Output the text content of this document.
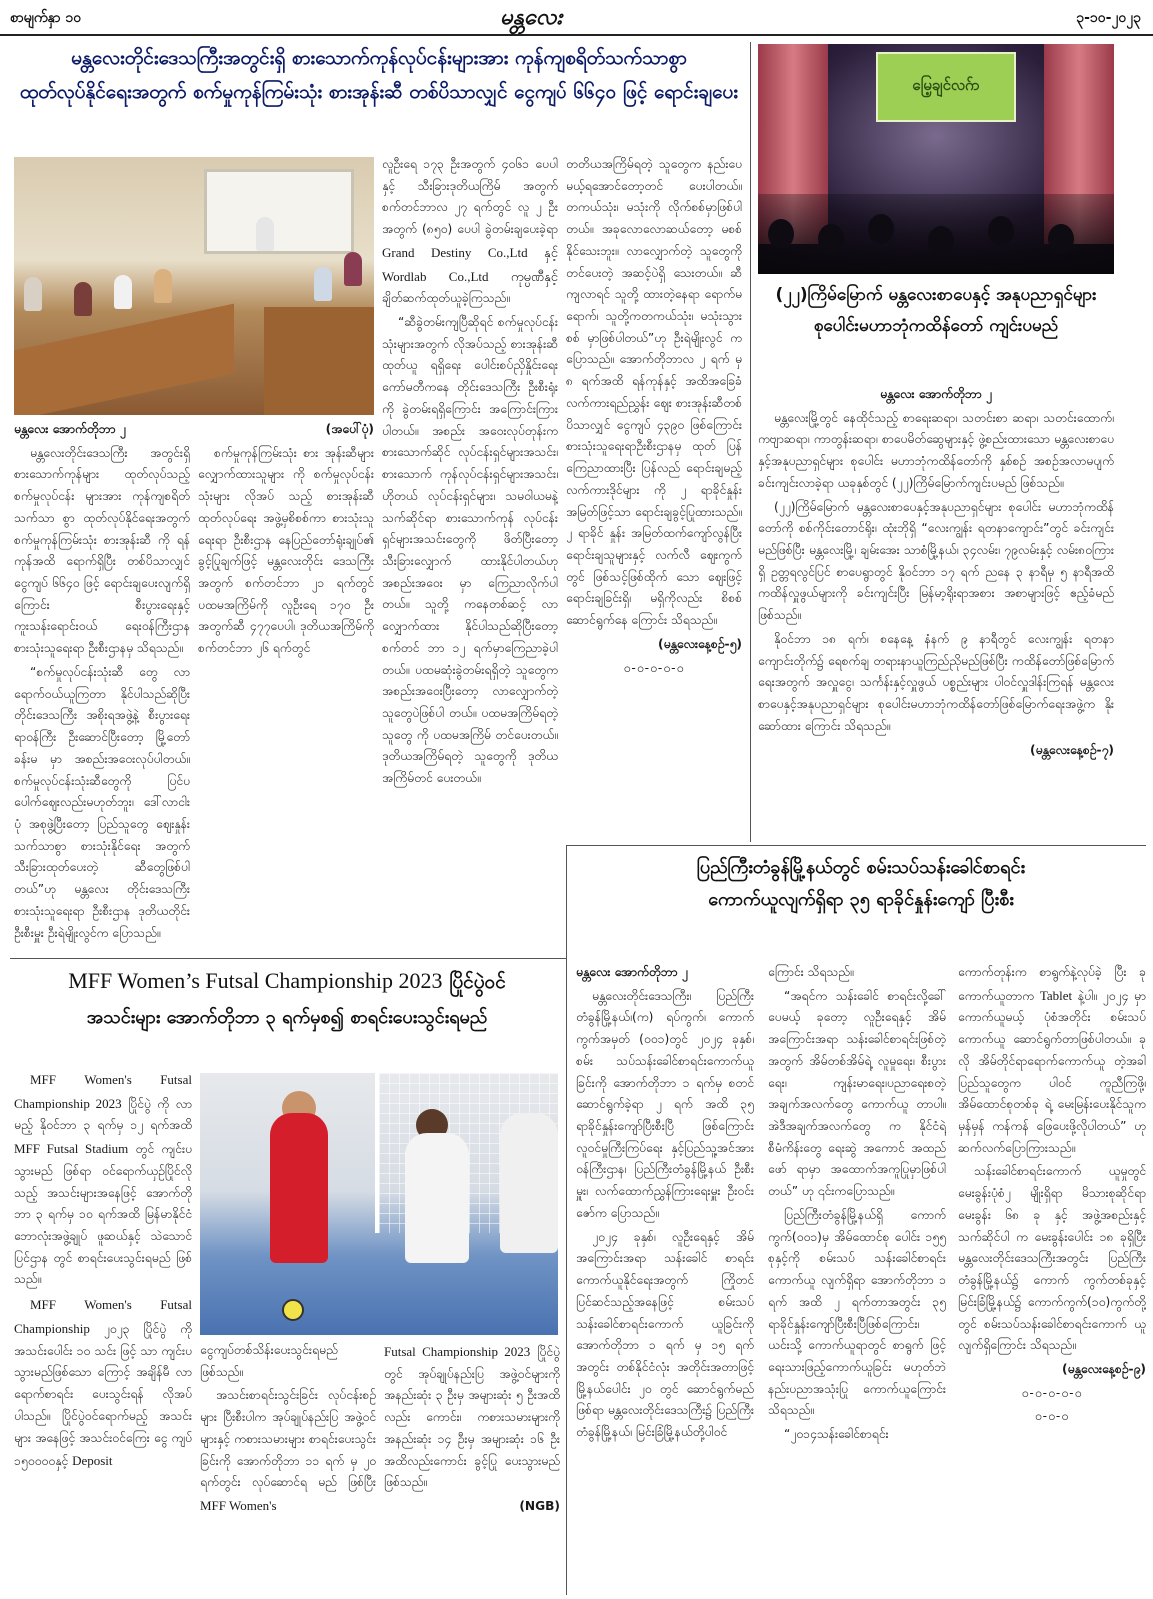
စာမျက်နှာ ၁၀	မန္တလေး	၃-၁၀-၂၀၂၃
မန္တလေးတိုင်းဒေသကြီးအတွင်းရှိ စားသောက်ကုန်လုပ်ငန်းများအား ကုန်ကျစရိတ်သက်သာစွာ
ထုတ်လုပ်နိုင်ရေးအတွက် စက်မှုကုန်ကြမ်းသုံး စားအုန်းဆီ တစ်ပိသာလျှင် ငွေကျပ် ၆၆၄၀ ဖြင့် ရောင်းချပေး

မန္တလေး အောက်တိုဘာ ၂

မန္တလေးတိုင်းဒေသကြီး အတွင်းရှိ စားသောက်ကုန်များ ထုတ်လုပ်သည့် စက်မှုလုပ်ငန်း များအား ကုန်ကျစရိတ် သက်သာ စွာ ထုတ်လုပ်နိုင်ရေးအတွက် စက်မှုကုန်ကြမ်းသုံး စားအုန်းဆီ ကို ရန်ကုန်အထိ ရောက်ရှိပြီး တစ်ပိသာလျှင် ငွေကျပ် ၆၆၄၀ ဖြင့် ရောင်းချပေးလျက်ရှိကြောင်း စီးပွားရေးနှင့် ကူးသန်းရောင်းဝယ် ရေးဝန်ကြီးဌာန စားသုံးသူရေးရာ ဦးစီးဌာနမှ သိရသည်။

“စက်မှုလုပ်ငန်းသုံးဆီ တွေ လာရောက်ဝယ်ယူကြတာ နိုင်ပါသည်ဆိုပြီး တိုင်းဒေသကြီး အစိုးရအဖွဲ့နဲ့ စီးပွားရေးရာဝန်ကြီး ဦးဆောင်ပြီးတော့ မြို့တော်ခန်းမ မှာ အစည်းအဝေးလုပ်ပါတယ်။ စက်မှုလုပ်ငန်းသုံးဆီတွေကို ပြင်ပ ပေါက်ဈေးလည်းမဟုတ်ဘူး၊ ဒေါ်လာငါးပုံ အစုဖွဲ့ပြီးတော့ ပြည်သူတွေ ဈေးနှုန်း သက်သာစွာ စားသုံးနိုင်ရေး အတွက် သီးခြားထုတ်ပေးတဲ့ ဆီတွေဖြစ်ပါတယ်”ဟု မန္တလေး တိုင်းဒေသကြီးစားသုံးသူရေးရာ ဦးစီးဌာန ဒုတိယတိုင်းဦးစီးမှူး ဦးရဲမျိုးလွင်က ပြောသည်။

(အပေါ်ပုံ)

စက်မှုကုန်ကြမ်းသုံး စား အုန်းဆီများ လျှောက်ထားသူများ ကို စက်မှုလုပ်ငန်းသုံးများ လိုအပ် သည့် စားအုန်းဆီထုတ်လုပ်ရေး အဖွဲ့မှစိစစ်ကာ စားသုံးသူရေးရာ ဦးစီးဌာန နေပြည်တော်ရုံးချုပ်၏ ခွင့်ပြုချက်ဖြင့် မန္တလေးတိုင်း ဒေသကြီးအတွက် စက်တင်ဘာ ၂၁ ရက်တွင် ပထမအကြိမ်ကို လူဦးရေ ၁၇၀ ဦးအတွက်ဆီ ၄၇၇ပေပါ၊ ဒုတိယအကြိမ်ကို စက်တင်ဘာ ၂၆ ရက်တွင်

လူဦးရေ ၁၇၃ ဦးအတွက် ၄၀၆၁ ပေပါနှင့် သီးခြားဒုတိယကြိမ် အတွက် စက်တင်ဘာလ ၂၇ ရက်တွင် လူ ၂ ဦးအတွက် (၈၅၀) ပေပါ ခွဲတမ်းချပေးခဲ့ရာ Grand Destiny Co.,Ltd နှင့် Wordlab Co.,Ltd ကုမ္ပဏီနှင့် ချိတ်ဆက်ထုတ်ယူခဲ့ကြသည်။

“ဆီခွဲတမ်းကျပြီဆိုရင် စက်မှုလုပ်ငန်းသုံးများအတွက် လိုအပ်သည့် စားအုန်းဆီထုတ်ယူ ရရှိရေး ပေါင်းစပ်ညှိနှိုင်းရေး ကော်မတီကနေ တိုင်းဒေသကြီး ဦးစီးရုံးကို ခွဲတမ်းရရှိကြောင်း အကြောင်းကြားပါတယ်။ အစည်း အဝေးလုပ်တုန်းက စားသောက်ဆိုင် လုပ်ငန်းရှင်များအသင်း၊ စားသောက် ကုန်လုပ်ငန်းရှင်များအသင်း၊ ဟိုတယ် လုပ်ငန်းရှင်များ၊ သမဝါယမနဲ့ သက်ဆိုင်ရာ စားသောက်ကုန် လုပ်ငန်းရှင်များအသင်းတွေကို ဖိတ်ပြီးတော့ သီးခြားလျှောက် ထားနိုင်ပါတယ်ဟု အစည်းအဝေး မှာ ကြေညာလိုက်ပါတယ်။ သူတို့ ကနေတစ်ဆင့် လာလျှောက်ထား နိုင်ပါသည်ဆိုပြီးတော့ စက်တင် ဘာ ၁၂ ရက်မှာကြေညာခဲ့ပါ တယ်။ ပထမဆုံးခွဲတမ်းရရှိတဲ့ သူတွေက အစည်းအဝေးပြီးတော့ လာလျှောက်တဲ့ သူတွေပဲဖြစ်ပါ တယ်။ ပထမအကြိမ်ရတဲ့သူတွေ ကို ပထမအကြိမ် တင်ပေးတယ်။ ဒုတိယအကြိမ်ရတဲ့ သူတွေကို ဒုတိယအကြိမ်တင် ပေးတယ်။

တတိယအကြိမ်ရတဲ့ သူတွေက နည်းပေမယ့်ရအောင်တော့တင် ပေးပါတယ်။ တကယ်သုံး၊ မသုံးကို လိုက်စစ်မှာဖြစ်ပါတယ်။ အခုလောလောဆယ်တော့ မစစ် နိုင်သေးဘူး။ လာလျှောက်တဲ့ သူတွေကို တင်ပေးတဲ့ အဆင့်ပဲရှိ သေးတယ်။ ဆီကျလာရင် သူတို့ ထားတဲ့နေရာ ရောက်မရောက်၊ သူတို့ကတကယ်သုံး၊ မသုံးသွားစစ် မှာဖြစ်ပါတယ်”ဟု ဦးရဲမျိုးလွင် ကပြောသည်။ အောက်တိုဘာလ ၂ ရက် မှ ၈ ရက်အထိ ရန်ကုန်နှင့် အထိအခြေခံလက်ကားရည်ညွှန်း ဈေး စားအုန်းဆီတစ်ပိသာလျှင် ငွေကျပ် ၄၃၉၀ ဖြစ်ကြောင်း စားသုံးသူရေးရာဦးစီးဌာနမှ ထုတ် ပြန်ကြေညာထားပြီး ပြန်လည် ရောင်းချမည့် လက်ကားဒိုင်များ ကို ၂ ရာခိုင်နှုန်းအမြတ်ဖြင့်သာ ရောင်းချခွင့်ပြုထားသည်။ ၂ ရာခိုင် နှုန်း အမြတ်ထက်ကျော်လွန်ပြီး ရောင်းချသူများနှင့် လက်လီ ဈေးကွက်တွင် ဖြစ်သင့်ဖြစ်ထိုက် သော ဈေးဖြင့် ရောင်းချခြင်းရှိ၊ မရှိကိုလည်း စိစစ်ဆောင်ရွက်နေ ကြောင်း သိရသည်။

(မန္တလေးနေ့စဉ်-၅)

၀-၀-၀-၀-၀

မြေ့ချင်လဂ်ာ
(၂၂)ကြိမ်မြောက် မန္တလေးစာပေနှင့် အနုပညာရှင်များ
စုပေါင်းမဟာဘုံကထိန်တော် ကျင်းပမည်

မန္တလေး အောက်တိုဘာ ၂

မန္တလေးမြို့တွင် နေထိုင်သည့် စာရေးဆရာ၊ သတင်းစာ ဆရာ၊ သတင်းထောက်၊ ကဗျာဆရာ၊ ကာတွန်းဆရာ၊ စာပေမိတ်ဆွေများနှင့် ဖွဲ့စည်းထားသော မန္တလေးစာပေနှင့်အနုပညာရှင်များ စုပေါင်း မဟာဘုံကထိန်တော်ကို နှစ်စဉ် အစဉ်အလာမပျက် ခင်းကျင်းလာခဲ့ရာ ယခုနှစ်တွင် (၂၂)ကြိမ်မြောက်ကျင်းပမည် ဖြစ်သည်။

(၂၂)ကြိမ်မြောက် မန္တလေးစာပေနှင့်အနုပညာရှင်များ စုပေါင်း မဟာဘုံကထိန်တော်ကို စစ်ကိုင်းတောင်ရိုး၊ ထုံးဘိုရှိ “လေးကျွန်း ရတနာကျောင်း”တွင် ခင်းကျင်းမည်ဖြစ်ပြီး မန္တလေးမြို့၊ ချမ်းအေး သာစံမြို့နယ်၊ ၃၄လမ်း၊ ၇၉လမ်းနှင့် လမ်း၈၀ကြားရှိ ဥတ္တရလွင်ပြင် စာပေရွာတွင် နိုဝင်ဘာ ၁၇ ရက် ညနေ ၃ နာရီမှ ၅ နာရီအထိ ကထိန်လှူဖွယ်များကို ခင်းကျင်းပြီး မြန်မာ့ရိုးရာအစား အစာများဖြင့် ဧည့်ခံမည်ဖြစ်သည်။

နိုဝင်ဘာ ၁၈ ရက်၊ စနေနေ့ နံနက် ၉ နာရီတွင် လေးကျွန်း ရတနာကျောင်းတိုက်၌ ရေစက်ချ တရားနာယူကြည်ညိုမည်ဖြစ်ပြီး ကထိန်တော်ဖြစ်မြောက်ရေးအတွက် အလှူငွေ၊ သင်္ကန်းနှင့်လှူဖွယ် ပစ္စည်းများ ပါဝင်လှူဒါန်းကြရန် မန္တလေးစာပေနှင့်အနုပညာရှင်များ စုပေါင်းမဟာဘုံကထိန်တော်ဖြစ်မြောက်ရေးအဖွဲ့က နိုးဆော်ထား ကြောင်း သိရသည်။

(မန္တလေးနေ့စဉ်-၇)

ပြည်ကြီးတံခွန်မြို့နယ်တွင် စမ်းသပ်သန်းခေါင်စာရင်း
ကောက်ယူလျက်ရှိရာ ၃၅ ရာခိုင်နှုန်းကျော် ပြီးစီး

မန္တလေး အောက်တိုဘာ ၂

မန္တလေးတိုင်းဒေသကြီး၊ ပြည်ကြီးတံခွန်မြို့နယ်၊(က) ရပ်ကွက်၊ ကောက်ကွက်အမှတ် (၀၀၁)တွင် ၂၀၂၄ ခုနှစ်၊ စမ်း သပ်သန်းခေါင်စာရင်းကောက်ယူ ခြင်းကို အောက်တိုဘာ ၁ ရက်မှ စတင်ဆောင်ရွက်ခဲ့ရာ ၂ ရက် အထိ ၃၅ ရာခိုင်နှုန်းကျော်ပြီးစီးပြီ ဖြစ်ကြောင်း လူဝင်မှုကြီးကြပ်ရေး နှင့်ပြည်သူ့အင်အားဝန်ကြီးဌာန၊ ပြည်ကြီးတံခွန်မြို့နယ် ဦးစီးမှူး၊ လက်ထောက်ညွှန်ကြားရေးမှူး ဦးဝင်းဇော်က ပြောသည်။

၂၀၂၄ ခုနှစ်၊ လူဦးရေနှင့် အိမ်အကြောင်းအရာ သန်းခေါင် စာရင်း ကောက်ယူနိုင်ရေးအတွက် ကြိုတင်ပြင်ဆင်သည့်အနေဖြင့် စမ်းသပ်သန်းခေါင်စာရင်းကောက် ယူခြင်းကို အောက်တိုဘာ ၁ ရက် မှ ၁၅ ရက်အတွင်း တစ်နိုင်ငံလုံး အတိုင်းအတာဖြင့် မြို့နယ်ပေါင်း ၂၀ တွင် ဆောင်ရွက်မည်ဖြစ်ရာ မန္တလေးတိုင်းဒေသကြီး၌ ပြည်ကြီး တံခွန်မြို့နယ်၊ မြင်းခြံမြို့နယ်တို့ပါဝင်

ကြောင်း သိရသည်။

“အရင်က သန်းခေါင် စာရင်းလို့ခေါ်ပေမယ့် ခုတော့ လူဦးရေနှင့် အိမ်အကြောင်းအရာ သန်းခေါင်စာရင်းဖြစ်တဲ့အတွက် အိမ်တစ်အိမ်ရဲ့ လူမှုရေး၊ စီးပွား ရေး၊ ကျန်းမာရေး၊ပညာရေးစတဲ့ အချက်အလက်တွေ ကောက်ယူ တာပါ။ အဲဒီအချက်အလက်တွေ က နိုင်ငံရဲ့စီမံကိန်းတွေ ရေးဆွဲ အကောင် အထည် ဖော် ရာမှာ အထောက်အကူပြုမှာဖြစ်ပါတယ်” ဟု ၎င်းကပြောသည်။

ပြည်ကြီးတံခွန်မြို့နယ်ရှိ ကောက်ကွက်(၀၀၁)မှ အိမ်ထောင်စု ပေါင်း ၁၅၅ စုနှင့်ကို စမ်းသပ် သန်းခေါင်စာရင်းကောက်ယူ လျက်ရှိရာ အောက်တိုဘာ ၁ ရက် အထိ ၂ ရက်တာအတွင်း ၃၅ ရာခိုင်နှုန်းကျော်ပြီးစီးပြီဖြစ်ကြောင်း၊ ယင်းသို့ ကောက်ယူရာတွင် စာရွက် ဖြင့် ရေးသားဖြည့်ကောက်ယူခြင်း မဟုတ်ဘဲ နည်းပညာအသုံးပြု ကောက်ယူကြောင်း သိရသည်။

“၂၀၁၄သန်းခေါင်စာရင်း

ကောက်တုန်းက စာရွက်နဲ့လုပ်ခဲ့ ပြီး ခုကောက်ယူတာက Tablet နဲ့ပါ။ ၂၀၂၄ မှာ ကောက်ယူမယ့် ပုံစံအတိုင်း စမ်းသပ်ကောက်ယူ ဆောင်ရွက်တာဖြစ်ပါတယ်။ ခုလို အိမ်တိုင်ရာရောက်ကောက်ယူ တဲ့အခါ ပြည်သူတွေက ပါဝင် ကူညီကြဖို့၊ အိမ်ထောင်စုတစ်ခု ရဲ့ မေးမြန်းပေးနိုင်သူက မှန်မှန် ကန်ကန် ဖြေပေးဖို့လိုပါတယ်” ဟု ဆက်လက်ပြောကြားသည်။

သန်းခေါင်စာရင်းကောက် ယူမှုတွင် မေးခွန်းပုံစံ၂ မျိုးရှိရာ မိသားစုဆိုင်ရာ မေးခွန်း ၆၈ ခု နှင့် အဖွဲ့အစည်းနှင့် သက်ဆိုင်ပါ က မေးခွန်းပေါင်း ၁၈ ခုရှိပြီး မန္တလေးတိုင်းဒေသကြီးအတွင်း ပြည်ကြီးတံခွန်မြို့နယ်၌ ကောက် ကွက်တစ်ခုနှင့် မြင်းခြံမြို့နယ်၌ ကောက်ကွက်(၁၀)ကွက်တို့တွင် စမ်းသပ်သန်းခေါင်စာရင်းကောက် ယူလျက်ရှိကြောင်း သိရသည်။

(မန္တလေးနေ့စဉ်-၉)

၀-၀-၀-၀-၀

၀-၀-၀

MFF Women’s Futsal Championship 2023 ပြိုင်ပွဲဝင်
အသင်းများ အောက်တိုဘာ ၃ ရက်မှစ၍ စာရင်းပေးသွင်းရမည်

MFF Women's Futsal Championship 2023 ပြိုင်ပွဲ ကို လာမည့် နိုဝင်ဘာ ၃ ရက်မှ ၁၂ ရက်အထိ MFF Futsal Stadium တွင် ကျင်းပသွားမည် ဖြစ်ရာ ဝင်ရောက်ယှဉ်ပြိုင်လိုသည့် အသင်းများအနေဖြင့် အောက်တို ဘာ ၃ ရက်မှ ၁၀ ရက်အထိ မြန်မာနိုင်ငံဘောလုံးအဖွဲ့ချုပ် ဖူဆယ်နှင့် သဲသောင်ပြင်ဌာန တွင် စာရင်းပေးသွင်းရမည် ဖြစ် သည်။

MFF Women's Futsal Championship ၂၀၂၃ ပြိုင်ပွဲ ကို အသင်းပေါင်း ၁၀ သင်း ဖြင့် သာ ကျင်းပသွားမည်ဖြစ်သော ကြောင့် အချိန်မီ လာရောက်စာရင်း ပေးသွင်းရန် လိုအပ်ပါသည်။ ပြိုင်ပွဲဝင်ရောက်မည့် အသင်းများ အနေဖြင့် အသင်းဝင်ကြေး ငွေ ကျပ် ၁၅၀၀၀၀နှင့် Deposit

ငွေကျပ်တစ်သိန်းပေးသွင်းရမည် ဖြစ်သည်။

အသင်းစာရင်းသွင်းခြင်း လုပ်ငန်းစဉ်များ ပြီးစီးပါက အုပ်ချုပ်နည်းပြ အဖွဲ့ဝင်များနှင့် ကစားသမားများ စာရင်းပေးသွင်း ခြင်းကို အောက်တိုဘာ ၁၁ ရက် မှ ၂၀ ရက်တွင်း လုပ်ဆောင်ရ မည် ဖြစ်ပြီး MFF Women's

Futsal Championship 2023 ပြိုင်ပွဲတွင် အုပ်ချုပ်နည်းပြ အဖွဲ့ဝင်များကို အနည်းဆုံး ၃ ဦးမှ အများဆုံး ၅ ဦးအထိလည်း ကောင်း၊ ကစားသမားများကို အနည်းဆုံး ၁၄ ဦးမှ အများဆုံး ၁၆ ဦးအထိလည်းကောင်း ခွင့်ပြု ပေးသွားမည် ဖြစ်သည်။

(NGB)
